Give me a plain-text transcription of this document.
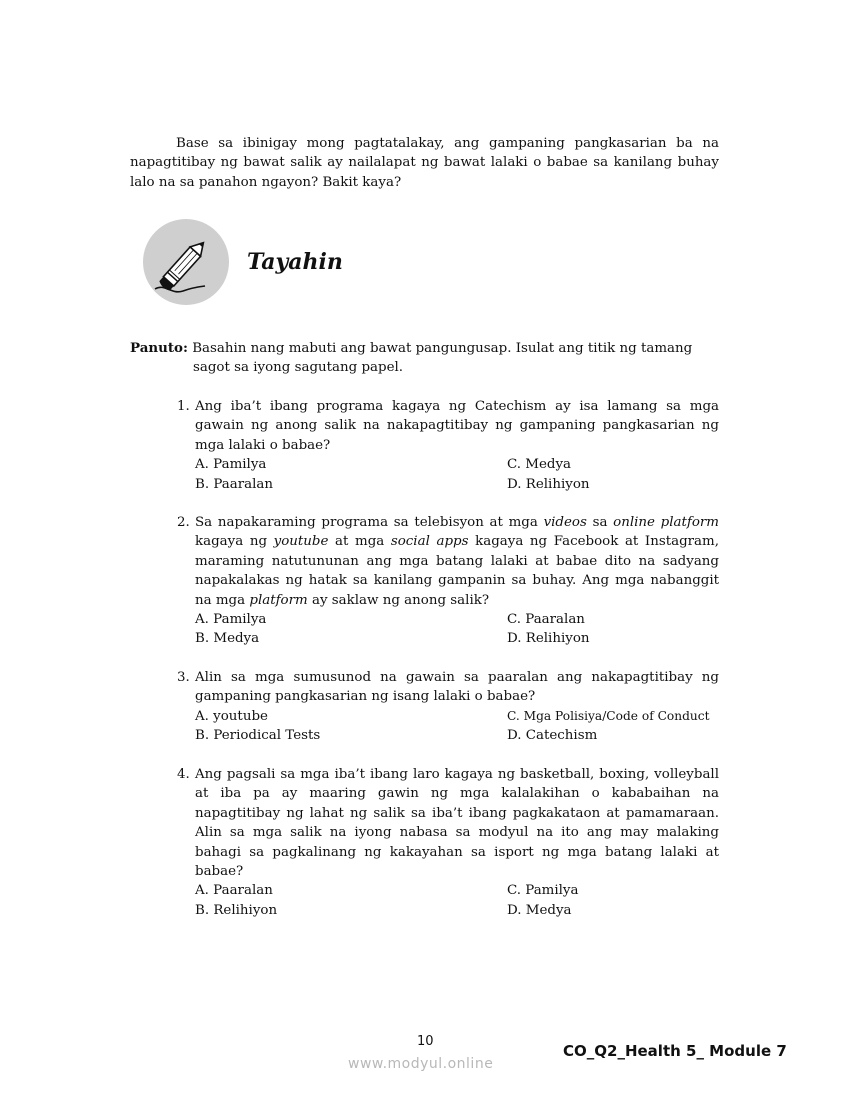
Base sa ibinigay mong pagtatalakay, ang gampaning pangkasarian ba na napagtitibay ng bawat salik ay nailalapat ng bawat lalaki o babae sa kanilang buhay lalo na sa panahon ngayon? Bakit kaya?

Tayahin
Panuto: Basahin nang mabuti ang bawat pangungusap. Isulat ang titik ng tamang
sagot sa iyong sagutang papel.
1. Ang iba’t ibang programa kagaya ng Catechism ay isa lamang sa mga gawain ng anong salik na nakapagtitibay ng gampaning pangkasarian ng mga lalaki o babae?
A. Pamilya	C. Medya
B. Paaralan	D. Relihiyon
2. Sa napakaraming programa sa telebisyon at mga videos sa online platform kagaya ng youtube at mga social apps kagaya ng Facebook at Instagram, maraming natutununan ang mga batang lalaki at babae dito na sadyang napakalakas ng hatak sa kanilang gampanin sa buhay. Ang mga nabanggit na mga platform ay saklaw ng anong salik?
A. Pamilya	C. Paaralan
B. Medya	D. Relihiyon
3. Alin sa mga sumusunod na gawain sa paaralan ang nakapagtitibay ng gampaning pangkasarian ng isang lalaki o babae?
A. youtube	C. Mga Polisiya/Code of Conduct
B. Periodical Tests	D. Catechism
4. Ang pagsali sa mga iba’t ibang laro kagaya ng basketball, boxing, volleyball at iba pa ay maaring gawin ng mga kalalakihan o kababaihan na napagtitibay ng lahat ng salik sa iba’t ibang pagkakataon at pamamaraan. Alin sa mga salik na iyong nabasa sa modyul na ito ang may malaking bahagi sa pagkalinang ng kakayahan sa isport ng mga batang lalaki at babae?
A. Paaralan	C. Pamilya
B. Relihiyon	D. Medya
10
www.modyul.online
CO_Q2_Health 5_ Module 7
